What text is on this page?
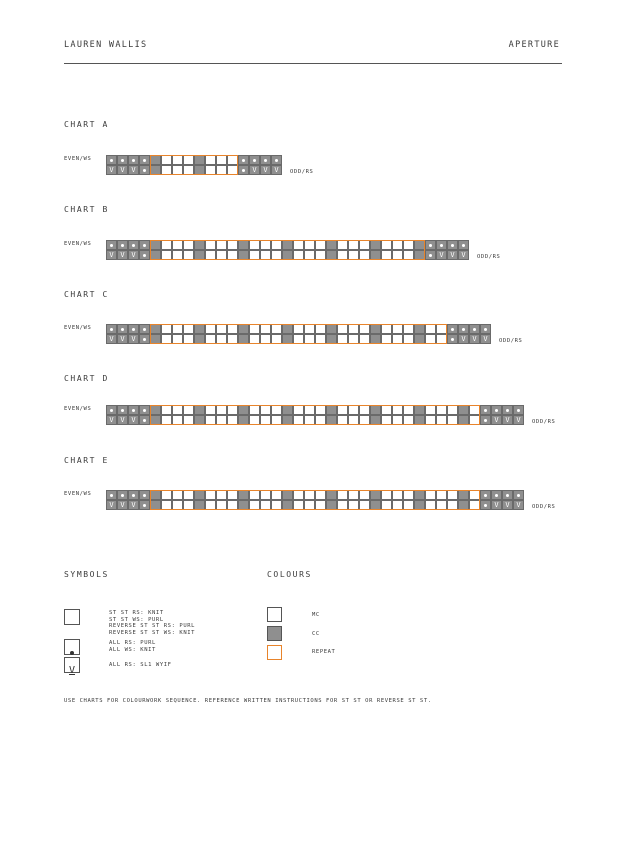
LAUREN WALLIS	APERTURE
CHART A
EVEN/WS
V V V	V V V	ODD/RS
CHART B
EVEN/WS
V V V	V V V	ODD/RS
CHART C
EVEN/WS
V V V	V V V	ODD/RS
CHART D
EVEN/WS
V V V	V V V	ODD/RS
CHART E
EVEN/WS
V V V	V V V	ODD/RS
SYMBOLS	COLOURS
ST ST RS: KNIT
ST ST WS: PURL
REVERSE ST ST RS: PURL
REVERSE ST ST WS: KNIT
ALL RS: PURL
ALL WS: KNIT
V	ALL RS: SL1 WYIF
MC
CC
REPEAT
USE CHARTS FOR COLOURWORK SEQUENCE. REFERENCE WRITTEN INSTRUCTIONS FOR ST ST OR REVERSE ST ST.
